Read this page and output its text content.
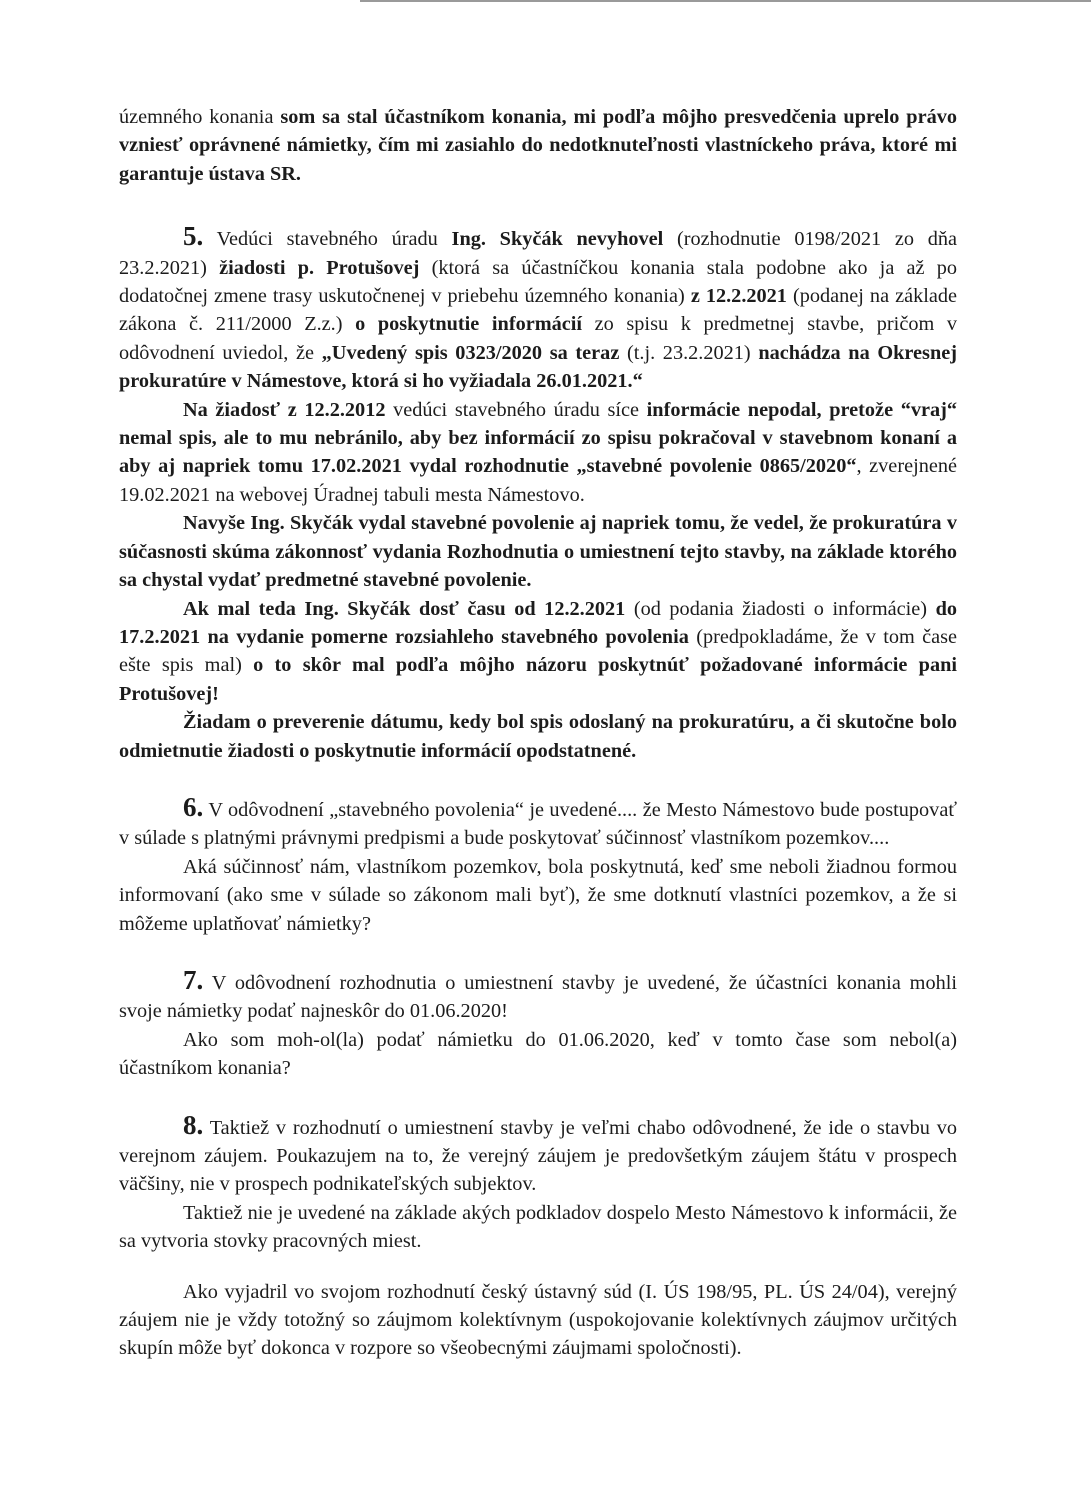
územného konania som sa stal účastníkom konania, mi podľa môjho presvedčenia uprelo právo vzniesť oprávnené námietky, čím mi zasiahlo do nedotknuteľnosti vlastníckeho práva, ktoré mi garantuje ústava SR.

5. Vedúci stavebného úradu Ing. Skyčák nevyhovel (rozhodnutie 0198/2021 zo dňa 23.2.2021) žiadosti p. Protušovej (ktorá sa účastníčkou konania stala podobne ako ja až po dodatočnej zmene trasy uskutočnenej v priebehu územného konania) z 12.2.2021 (podanej na základe zákona č. 211/2000 Z.z.) o poskytnutie informácií zo spisu k predmetnej stavbe, pričom v odôvodnení uviedol, že „Uvedený spis 0323/2020 sa teraz (t.j. 23.2.2021) nachádza na Okresnej prokuratúre v Námestove, ktorá si ho vyžiadala 26.01.2021.“

Na žiadosť z 12.2.2012 vedúci stavebného úradu síce informácie nepodal, pretože “vraj“ nemal spis, ale to mu nebránilo, aby bez informácií zo spisu pokračoval v stavebnom konaní a aby aj napriek tomu 17.02.2021 vydal rozhodnutie „stavebné povolenie 0865/2020“, zverejnené 19.02.2021 na webovej Úradnej tabuli mesta Námestovo.

Navyše Ing. Skyčák vydal stavebné povolenie aj napriek tomu, že vedel, že prokuratúra v súčasnosti skúma zákonnosť vydania Rozhodnutia o umiestnení tejto stavby, na základe ktorého sa chystal vydať predmetné stavebné povolenie.

Ak mal teda Ing. Skyčák dosť času od 12.2.2021 (od podania žiadosti o informácie) do 17.2.2021 na vydanie pomerne rozsiahleho stavebného povolenia (predpokladáme, že v tom čase ešte spis mal) o to skôr mal podľa môjho názoru poskytnúť požadované informácie pani Protušovej!

Žiadam o preverenie dátumu, kedy bol spis odoslaný na prokuratúru, a či skutočne bolo odmietnutie žiadosti o poskytnutie informácií opodstatnené.

6. V odôvodnení „stavebného povolenia“ je uvedené.... že Mesto Námestovo bude postupovať v súlade s platnými právnymi predpismi a bude poskytovať súčinnosť vlastníkom pozemkov....

Aká súčinnosť nám, vlastníkom pozemkov, bola poskytnutá, keď sme neboli žiadnou formou informovaní (ako sme v súlade so zákonom mali byť), že sme dotknutí vlastníci pozemkov, a že si môžeme uplatňovať námietky?

7. V odôvodnení rozhodnutia o umiestnení stavby je uvedené, že účastníci konania mohli svoje námietky podať najneskôr do 01.06.2020!

Ako som moh-ol(la) podať námietku do 01.06.2020, keď v tomto čase som nebol(a) účastníkom konania?

8. Taktiež v rozhodnutí o umiestnení stavby je veľmi chabo odôvodnené, že ide o stavbu vo verejnom záujem. Poukazujem na to, že verejný záujem je predovšetkým záujem štátu v prospech väčšiny, nie v prospech podnikateľských subjektov.

Taktiež nie je uvedené na základe akých podkladov dospelo Mesto Námestovo k informácii, že sa vytvoria stovky pracovných miest.

Ako vyjadril vo svojom rozhodnutí český ústavný súd (I. ÚS 198/95, PL. ÚS 24/04), verejný záujem nie je vždy totožný so záujmom kolektívnym (uspokojovanie kolektívnych záujmov určitých skupín môže byť dokonca v rozpore so všeobecnými záujmami spoločnosti).
